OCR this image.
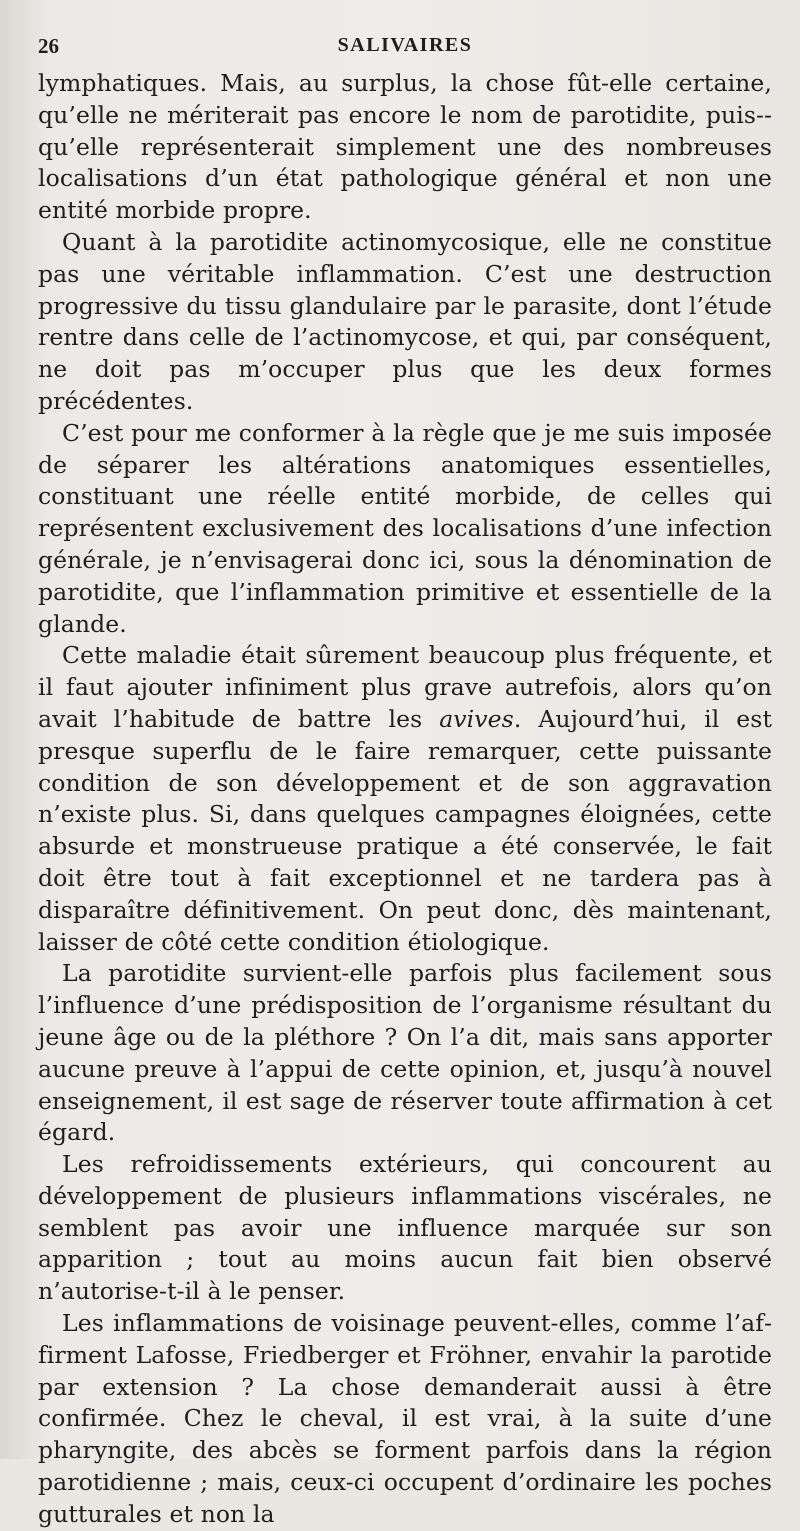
26	SALIVAIRES

lymphatiques. Mais, au surplus, la chose fût-elle certaine, qu’elle ne mériterait pas encore le nom de parotidite, puis-qu’elle représenterait simplement une des nombreuses localisations d’un état pathologique général et non une entité morbide propre.

Quant à la parotidite actinomycosique, elle ne constitue pas une véritable inflammation. C’est une destruction progressive du tissu glandulaire par le parasite, dont l’étude rentre dans celle de l’actinomycose, et qui, par conséquent, ne doit pas m’occuper plus que les deux formes précédentes.

C’est pour me conformer à la règle que je me suis imposée de séparer les altérations anatomiques essentielles, constituant une réelle entité morbide, de celles qui représentent exclusivement des localisations d’une infection générale, je n’envisagerai donc ici, sous la dénomination de parotidite, que l’inflammation primitive et essentielle de la glande.

Cette maladie était sûrement beaucoup plus fréquente, et il faut ajouter infiniment plus grave autrefois, alors qu’on avait l’habitude de battre les avives. Aujourd’hui, il est presque superflu de le faire remarquer, cette puissante condition de son développement et de son aggravation n’existe plus. Si, dans quelques campagnes éloignées, cette absurde et monstrueuse pratique a été conservée, le fait doit être tout à fait exceptionnel et ne tardera pas à disparaître définitivement. On peut donc, dès maintenant, laisser de côté cette condition étiologique.

La parotidite survient-elle parfois plus facilement sous l’influence d’une prédisposition de l’organisme résultant du jeune âge ou de la pléthore ? On l’a dit, mais sans apporter aucune preuve à l’appui de cette opinion, et, jusqu’à nouvel enseignement, il est sage de réserver toute affirmation à cet égard.

Les refroidissements extérieurs, qui concourent au développement de plusieurs inflammations viscérales, ne semblent pas avoir une influence marquée sur son apparition ; tout au moins aucun fait bien observé n’autorise-t-il à le penser.

Les inflammations de voisinage peuvent-elles, comme l’affirment Lafosse, Friedberger et Fröhner, envahir la parotide par extension ? La chose demanderait aussi à être confirmée. Chez le cheval, il est vrai, à la suite d’une pharyngite, des abcès se forment parfois dans la région parotidienne ; mais, ceux-ci occupent d’ordinaire les poches gutturales et non la
